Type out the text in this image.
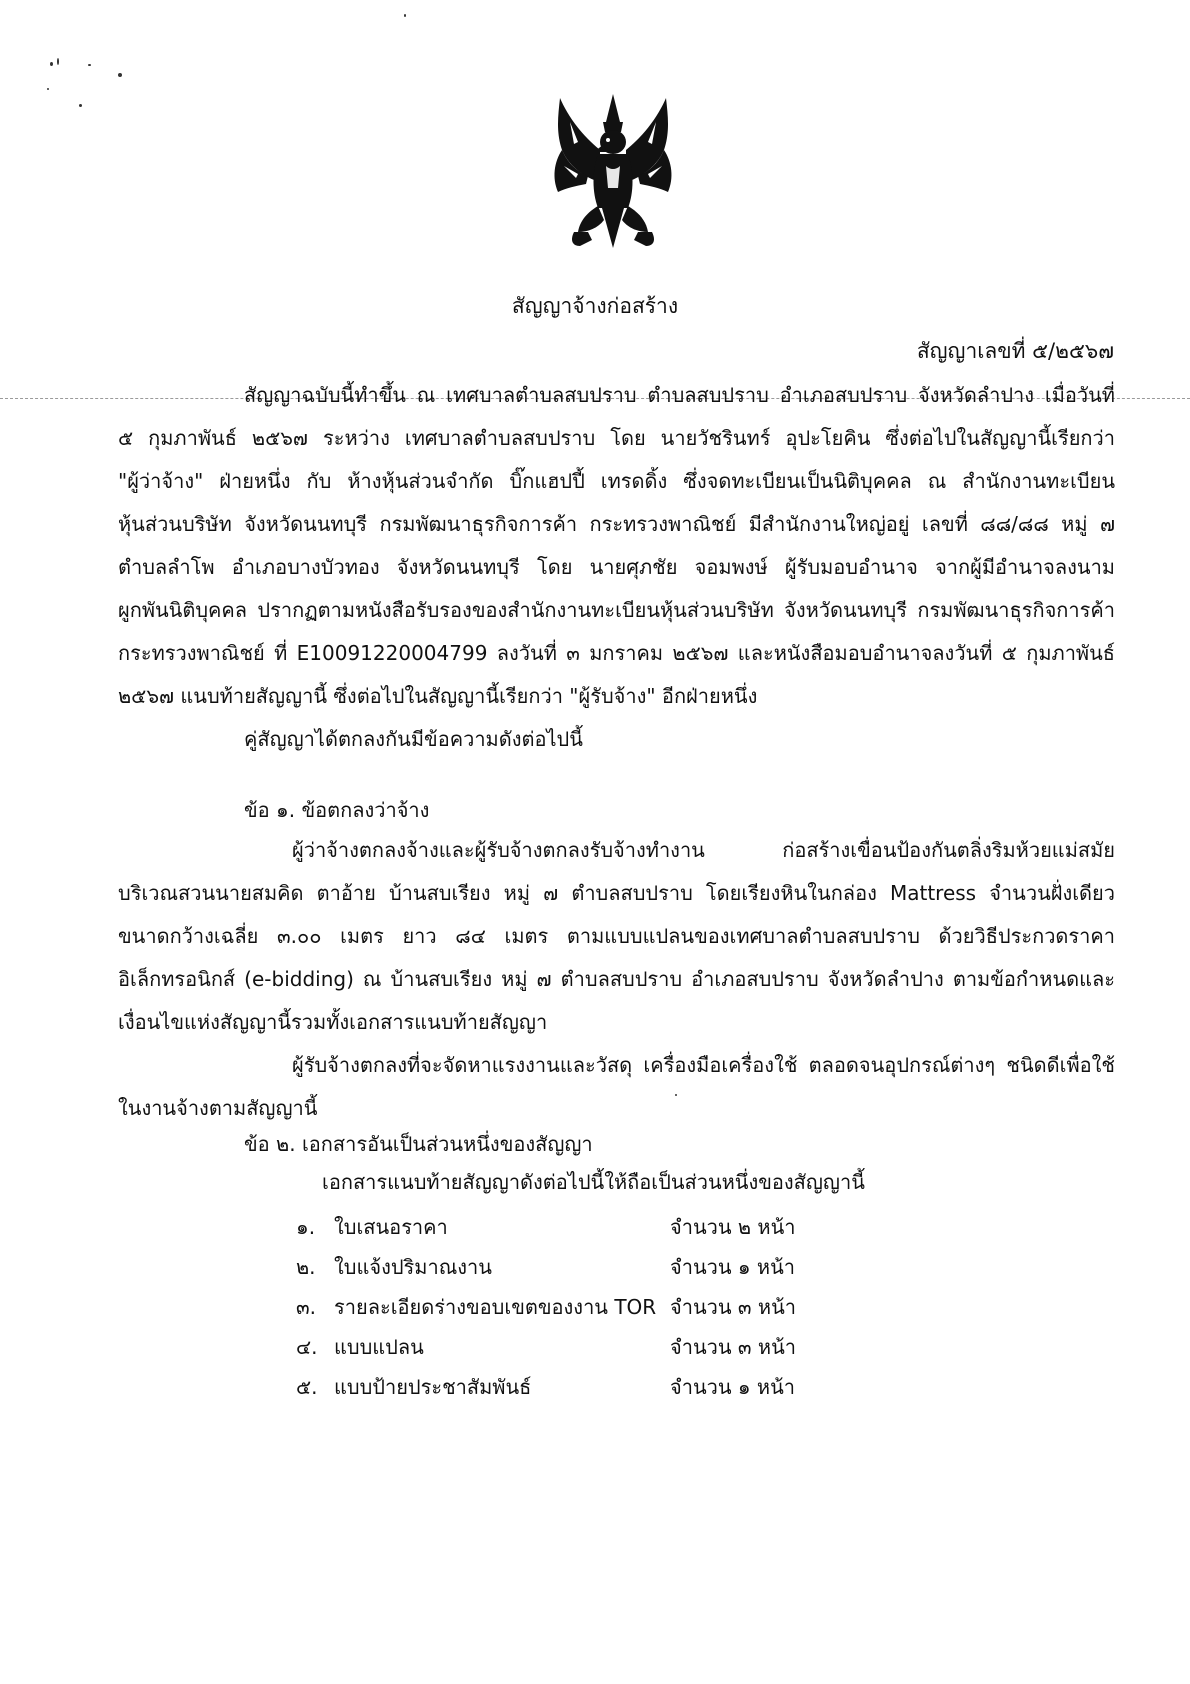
สัญญาจ้างก่อสร้าง
สัญญาเลขที่ ๕/๒๕๖๗
สัญญาฉบับนี้ทำขึ้น ณ เทศบาลตำบลสบปราบ ตำบลสบปราบ อำเภอสบปราบ จังหวัดลำปาง เมื่อวันที่
๕ กุมภาพันธ์ ๒๕๖๗ ระหว่าง เทศบาลตำบลสบปราบ โดย นายวัชรินทร์ อุปะโยคิน ซึ่งต่อไปในสัญญานี้เรียกว่า
"ผู้ว่าจ้าง" ฝ่ายหนึ่ง กับ ห้างหุ้นส่วนจำกัด บิ๊กแฮปปี้ เทรดดิ้ง ซึ่งจดทะเบียนเป็นนิติบุคคล ณ สำนักงานทะเบียน
หุ้นส่วนบริษัท จังหวัดนนทบุรี กรมพัฒนาธุรกิจการค้า กระทรวงพาณิชย์ มีสำนักงานใหญ่อยู่ เลขที่ ๘๘/๘๘ หมู่ ๗
ตำบลลำโพ อำเภอบางบัวทอง จังหวัดนนทบุรี โดย นายศุภชัย จอมพงษ์ ผู้รับมอบอำนาจ จากผู้มีอำนาจลงนาม
ผูกพันนิติบุคคล ปรากฏตามหนังสือรับรองของสำนักงานทะเบียนหุ้นส่วนบริษัท จังหวัดนนทบุรี กรมพัฒนาธุรกิจการค้า
กระทรวงพาณิชย์ ที่ E10091220004799 ลงวันที่ ๓ มกราคม ๒๕๖๗ และหนังสือมอบอำนาจลงวันที่ ๕ กุมภาพันธ์
๒๕๖๗ แนบท้ายสัญญานี้ ซึ่งต่อไปในสัญญานี้เรียกว่า "ผู้รับจ้าง" อีกฝ่ายหนึ่ง
คู่สัญญาได้ตกลงกันมีข้อความดังต่อไปนี้
ข้อ ๑. ข้อตกลงว่าจ้าง
ผู้ว่าจ้างตกลงจ้างและผู้รับจ้างตกลงรับจ้างทำงาน ก่อสร้างเขื่อนป้องกันตลิ่งริมห้วยแม่สมัย
บริเวณสวนนายสมคิด ตาอ้าย บ้านสบเรียง หมู่ ๗ ตำบลสบปราบ โดยเรียงหินในกล่อง Mattress จำนวนฝั่งเดียว
ขนาดกว้างเฉลี่ย ๓.๐๐ เมตร ยาว ๘๔ เมตร ตามแบบแปลนของเทศบาลตำบลสบปราบ ด้วยวิธีประกวดราคา
อิเล็กทรอนิกส์ (e-bidding) ณ บ้านสบเรียง หมู่ ๗ ตำบลสบปราบ อำเภอสบปราบ จังหวัดลำปาง ตามข้อกำหนดและ
เงื่อนไขแห่งสัญญานี้รวมทั้งเอกสารแนบท้ายสัญญา
ผู้รับจ้างตกลงที่จะจัดหาแรงงานและวัสดุ เครื่องมือเครื่องใช้ ตลอดจนอุปกรณ์ต่างๆ ชนิดดีเพื่อใช้
ในงานจ้างตามสัญญานี้
ข้อ ๒. เอกสารอันเป็นส่วนหนึ่งของสัญญา
เอกสารแนบท้ายสัญญาดังต่อไปนี้ให้ถือเป็นส่วนหนึ่งของสัญญานี้
๑. ใบเสนอราคา	จำนวน ๒ หน้า
๒. ใบแจ้งปริมาณงาน	จำนวน ๑ หน้า
๓. รายละเอียดร่างขอบเขตของงาน TOR จำนวน ๓ หน้า
๔. แบบแปลน	จำนวน ๓ หน้า
๕. แบบป้ายประชาสัมพันธ์	จำนวน ๑ หน้า
